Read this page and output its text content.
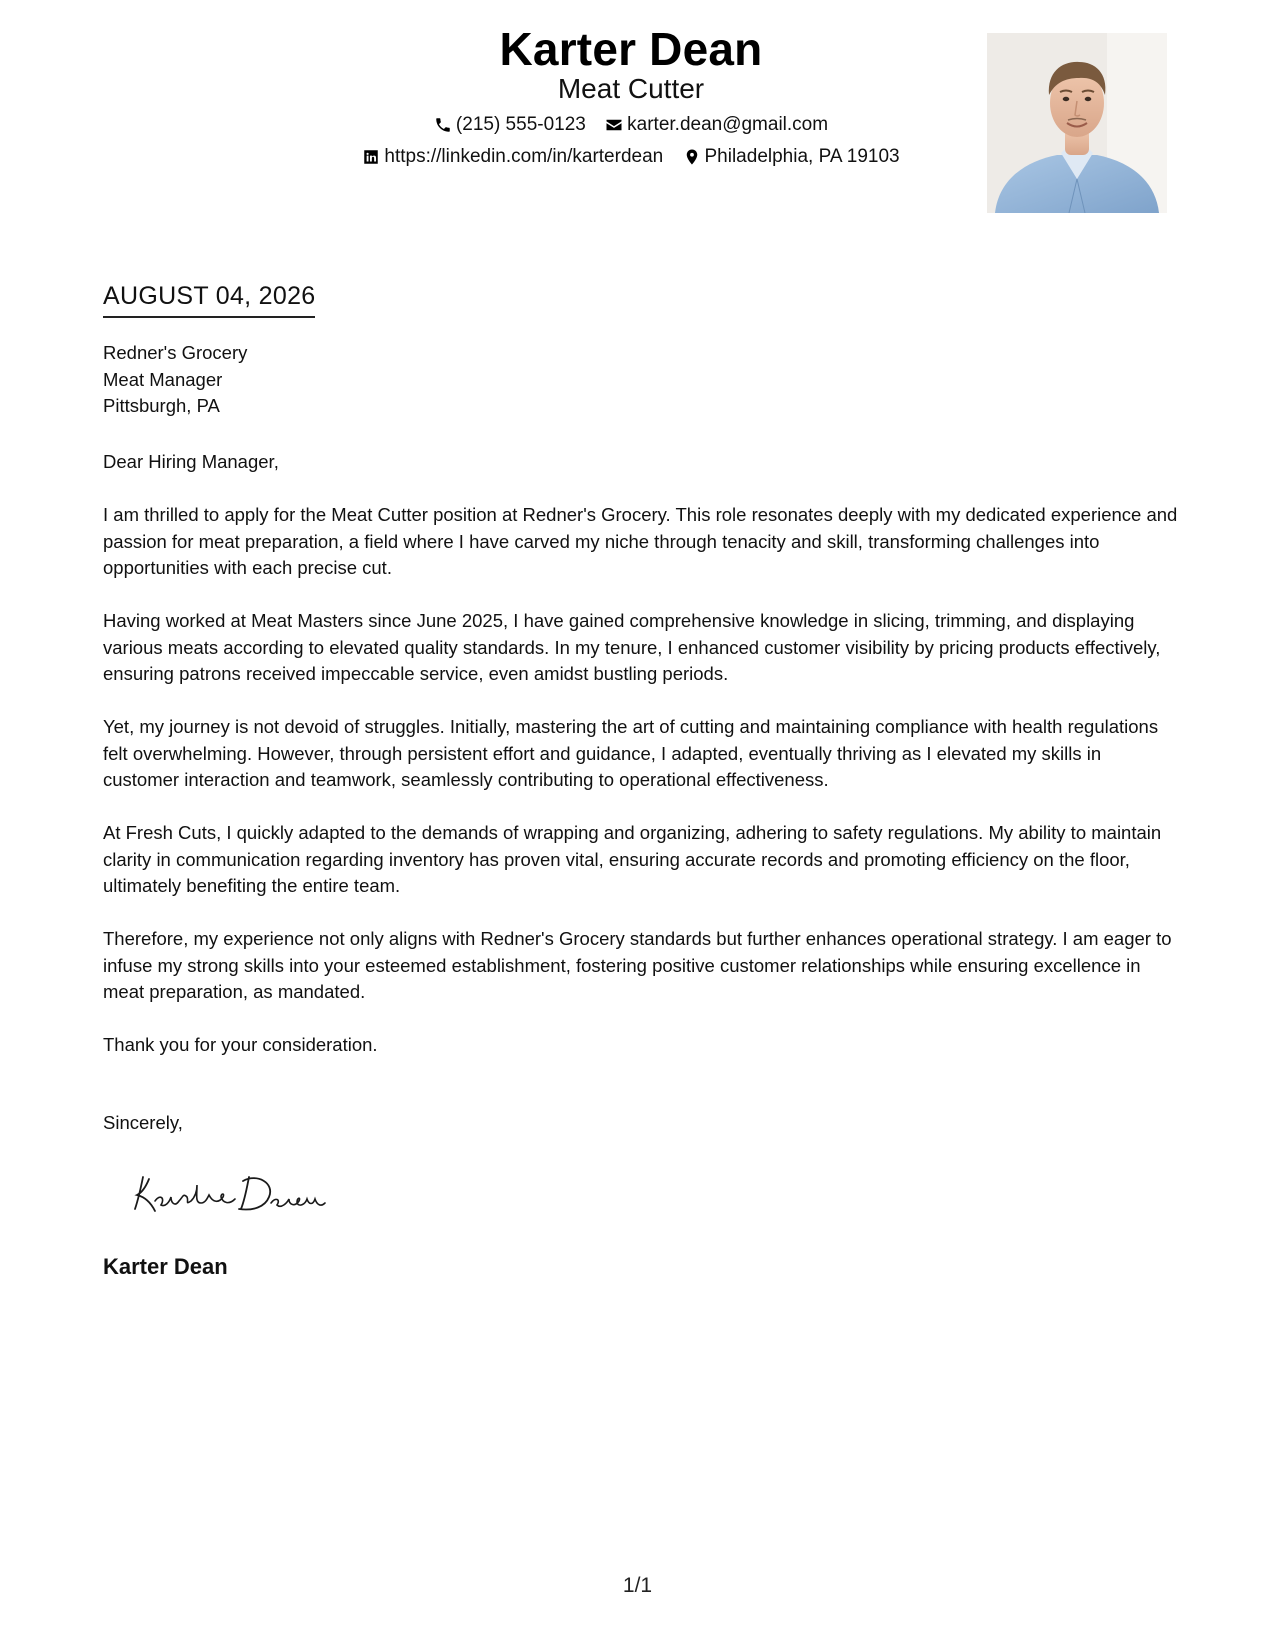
Karter Dean
Meat Cutter
(215) 555-0123
karter.dean@gmail.com
https://linkedin.com/in/karterdean
Philadelphia, PA 19103
AUGUST 04, 2026
Redner's Grocery
Meat Manager
Pittsburgh, PA

Dear Hiring Manager,

I am thrilled to apply for the Meat Cutter position at Redner's Grocery. This role resonates deeply with my dedicated experience and passion for meat preparation, a field where I have carved my niche through tenacity and skill, transforming challenges into opportunities with each precise cut.

Having worked at Meat Masters since June 2025, I have gained comprehensive knowledge in slicing, trimming, and displaying various meats according to elevated quality standards. In my tenure, I enhanced customer visibility by pricing products effectively, ensuring patrons received impeccable service, even amidst bustling periods.

Yet, my journey is not devoid of struggles. Initially, mastering the art of cutting and maintaining compliance with health regulations felt overwhelming. However, through persistent effort and guidance, I adapted, eventually thriving as I elevated my skills in customer interaction and teamwork, seamlessly contributing to operational effectiveness.

At Fresh Cuts, I quickly adapted to the demands of wrapping and organizing, adhering to safety regulations. My ability to maintain clarity in communication regarding inventory has proven vital, ensuring accurate records and promoting efficiency on the floor, ultimately benefiting the entire team.

Therefore, my experience not only aligns with Redner's Grocery standards but further enhances operational strategy. I am eager to infuse my strong skills into your esteemed establishment, fostering positive customer relationships while ensuring excellence in meat preparation, as mandated.

Thank you for your consideration.

Sincerely,
Karter Dean
1/1
